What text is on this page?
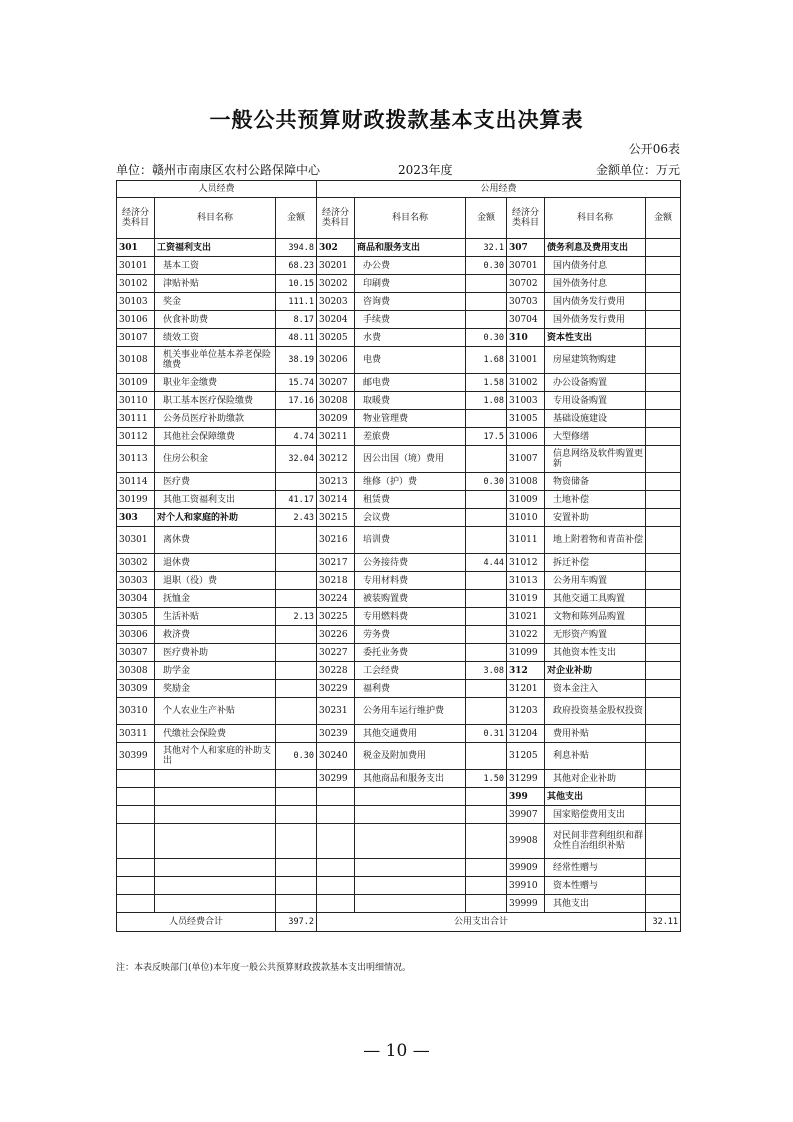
一般公共预算财政拨款基本支出决算表
公开06表
单位：赣州市南康区农村公路保障中心	2023年度	金额单位：万元
人员经费			公用经费					
经济分类科目	科目名称	金额	经济分类科目	科目名称	金额	经济分类科目	科目名称	金额
301	工资福利支出	394.8	302	商品和服务支出	32.1	307	债务利息及费用支出	
30101	基本工资	68.23	30201	办公费	0.30	30701	国内债务付息	
30102	津贴补贴	10.15	30202	印刷费		30702	国外债务付息	
30103	奖金	111.1	30203	咨询费		30703	国内债务发行费用	
30106	伙食补助费	8.17	30204	手续费		30704	国外债务发行费用	
30107	绩效工资	48.11	30205	水费	0.30	310	资本性支出	
30108	机关事业单位基本养老保险缴费	38.19	30206	电费	1.68	31001	房屋建筑物购建	
30109	职业年金缴费	15.74	30207	邮电费	1.58	31002	办公设备购置	
30110	职工基本医疗保险缴费	17.16	30208	取暖费	1.08	31003	专用设备购置	
30111	公务员医疗补助缴款		30209	物业管理费		31005	基础设施建设	
30112	其他社会保障缴费	4.74	30211	差旅费	17.5	31006	大型修缮	
30113	住房公积金	32.04	30212	因公出国（境）费用		31007	信息网络及软件购置更新	
30114	医疗费		30213	维修（护）费	0.30	31008	物资储备	
30199	其他工资福利支出	41.17	30214	租赁费		31009	土地补偿	
303	对个人和家庭的补助	2.43	30215	会议费		31010	安置补助	
30301	离休费		30216	培训费		31011	地上附着物和青苗补偿	
30302	退休费		30217	公务接待费	4.44	31012	拆迁补偿	
30303	退职（役）费		30218	专用材料费		31013	公务用车购置	
30304	抚恤金		30224	被装购置费		31019	其他交通工具购置	
30305	生活补贴	2.13	30225	专用燃料费		31021	文物和陈列品购置	
30306	救济费		30226	劳务费		31022	无形资产购置	
30307	医疗费补助		30227	委托业务费		31099	其他资本性支出	
30308	助学金		30228	工会经费	3.08	312	对企业补助	
30309	奖励金		30229	福利费		31201	资本金注入	
30310	个人农业生产补贴		30231	公务用车运行维护费		31203	政府投资基金股权投资	
30311	代缴社会保险费		30239	其他交通费用	0.31	31204	费用补贴	
30399	其他对个人和家庭的补助支出	0.30	30240	税金及附加费用		31205	利息补贴	
			30299	其他商品和服务支出	1.50	31299	其他对企业补助	
						399	其他支出	
						39907	国家赔偿费用支出	
						39908	对民间非营利组织和群众性自治组织补贴	
						39909	经常性赠与	
						39910	资本性赠与	
						39999	其他支出	
人员经费合计		397.2	公用支出合计					32.11
注：本表反映部门(单位)本年度一般公共预算财政拨款基本支出明细情况。
— 10 —
